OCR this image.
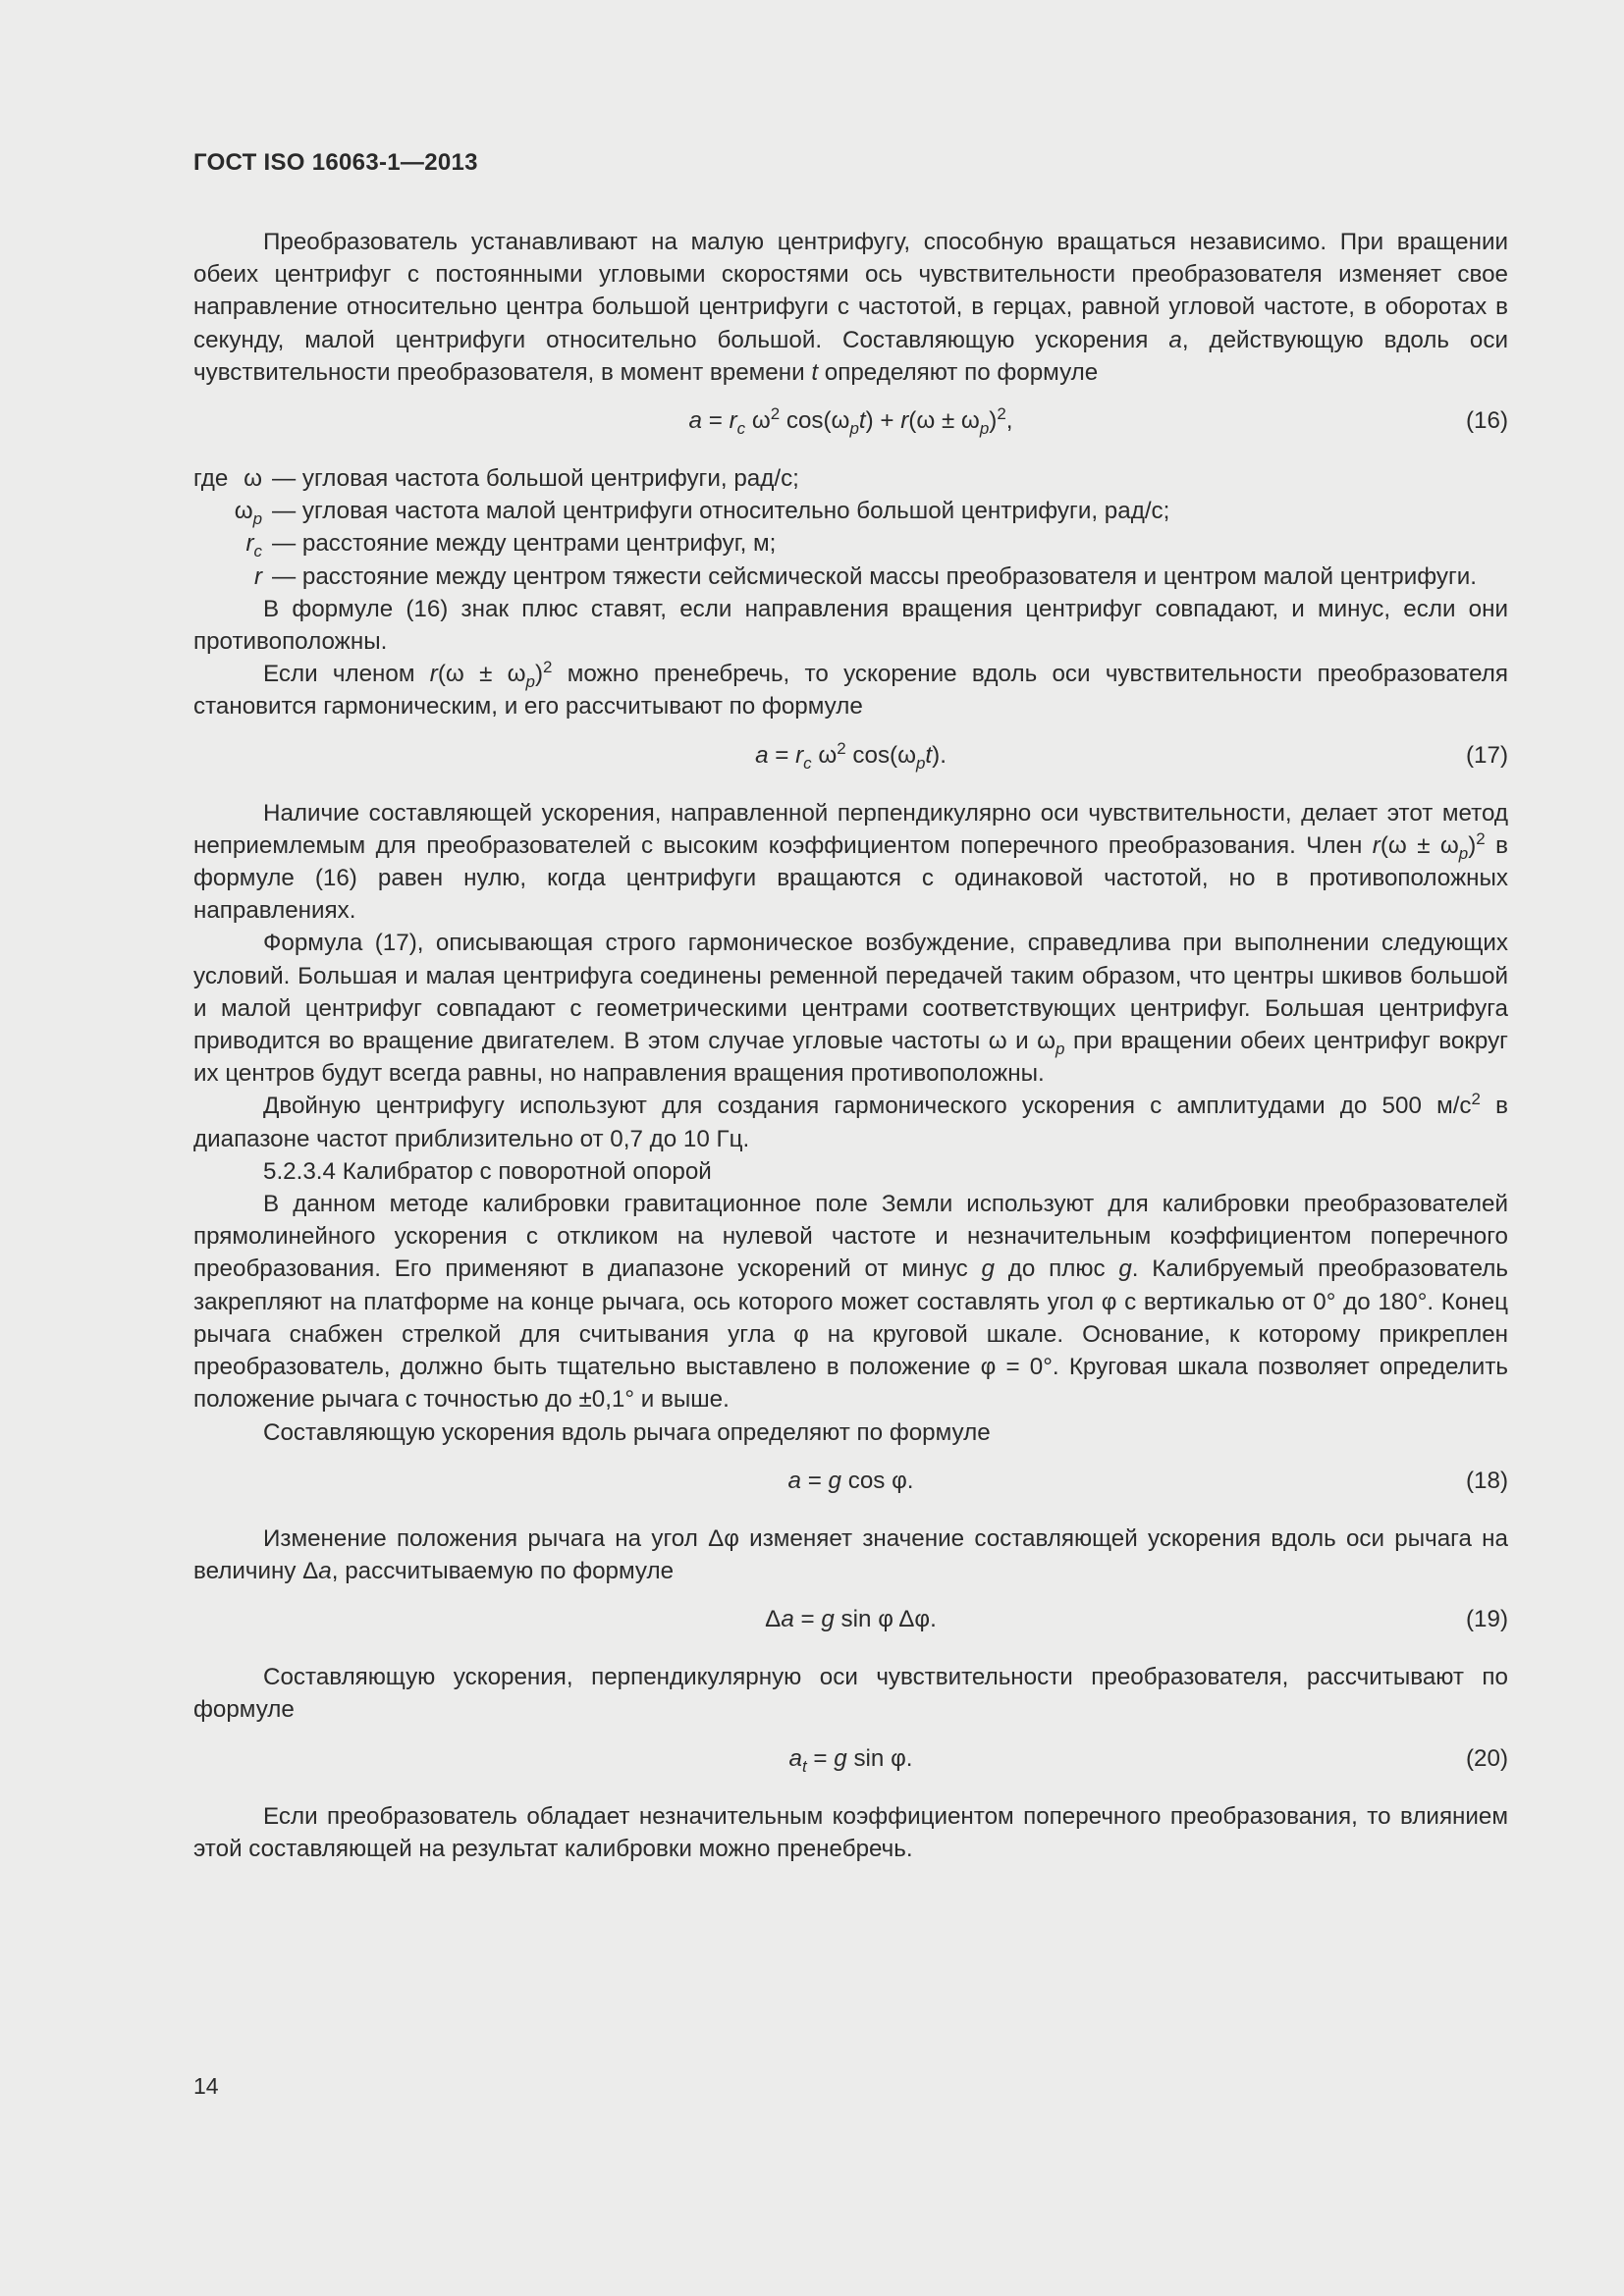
ГОСТ ISO 16063-1—2013

Преобразователь устанавливают на малую центрифугу, способную вращаться независимо. При вращении обеих центрифуг с постоянными угловыми скоростями ось чувствительности преобразователя изменяет свое направление относительно центра большой центрифуги с частотой, в герцах, равной угловой частоте, в оборотах в секунду, малой центрифуги относительно большой. Составляющую ускорения a, действующую вдоль оси чувствительности преобразователя, в момент времени t определяют по формуле

$a = r_c$ $\omega^2$ $\cos(\omega_pt) + r(\omega \pm \omega_p)^2$,	(16)
где ω — угловая частота большой центрифуги, рад/с;
$\omega_p$ — угловая частота малой центрифуги относительно большой центрифуги, рад/с;
$r_c$ — расстояние между центрами центрифуг, м;

r — расстояние между центром тяжести сейсмической массы преобразователя и центром малой центрифуги.

В формуле (16) знак плюс ставят, если направления вращения центрифуг совпадают, и минус, если они противоположны.

Если членом $r(\omega \pm \omega_p)^2$ можно пренебречь, то ускорение вдоль оси чувствительности преобразователя становится гармоническим, и его рассчитывают по формуле

$a = r_c$ $\omega^2$ $\cos(\omega_pt)$.	(17)

Наличие составляющей ускорения, направленной перпендикулярно оси чувствительности, делает этот метод неприемлемым для преобразователей с высоким коэффициентом поперечного преобразования. Член $r(\omega \pm \omega_p)^2$ в формуле (16) равен нулю, когда центрифуги вращаются с одинаковой частотой, но в противоположных направлениях.

Формула (17), описывающая строго гармоническое возбуждение, справедлива при выполнении следующих условий. Большая и малая центрифуга соединены ременной передачей таким образом, что центры шкивов большой и малой центрифуг совпадают с геометрическими центрами соответствующих центрифуг. Большая центрифуга приводится во вращение двигателем. В этом случае угловые частоты ω и $\omega_p$ при вращении обеих центрифуг вокруг их центров будут всегда равны, но направления вращения противоположны.

Двойную центрифугу используют для создания гармонического ускорения с амплитудами до 500 $м/с^2$ в диапазоне частот приблизительно от 0,7 до 10 Гц.

5.2.3.4 Калибратор с поворотной опорой

В данном методе калибровки гравитационное поле Земли используют для калибровки преобразователей прямолинейного ускорения с откликом на нулевой частоте и незначительным коэффициентом поперечного преобразования. Его применяют в диапазоне ускорений от минус g до плюс g. Калибруемый преобразователь закрепляют на платформе на конце рычага, ось которого может составлять угол φ с вертикалью от 0° до 180°. Конец рычага снабжен стрелкой для считывания угла φ на круговой шкале. Основание, к которому прикреплен преобразователь, должно быть тщательно выставлено в положение φ = 0°. Круговая шкала позволяет определить положение рычага с точностью до ±0,1° и выше.

Составляющую ускорения вдоль рычага определяют по формуле

a = g cos φ.	(18)

Изменение положения рычага на угол Δφ изменяет значение составляющей ускорения вдоль оси рычага на величину Δa, рассчитываемую по формуле

Δa = g sin φ Δφ.	(19)

Составляющую ускорения, перпендикулярную оси чувствительности преобразователя, рассчитывают по формуле

$a_t = g$ sin φ.	(20)

Если преобразователь обладает незначительным коэффициентом поперечного преобразования, то влиянием этой составляющей на результат калибровки можно пренебречь.

14
